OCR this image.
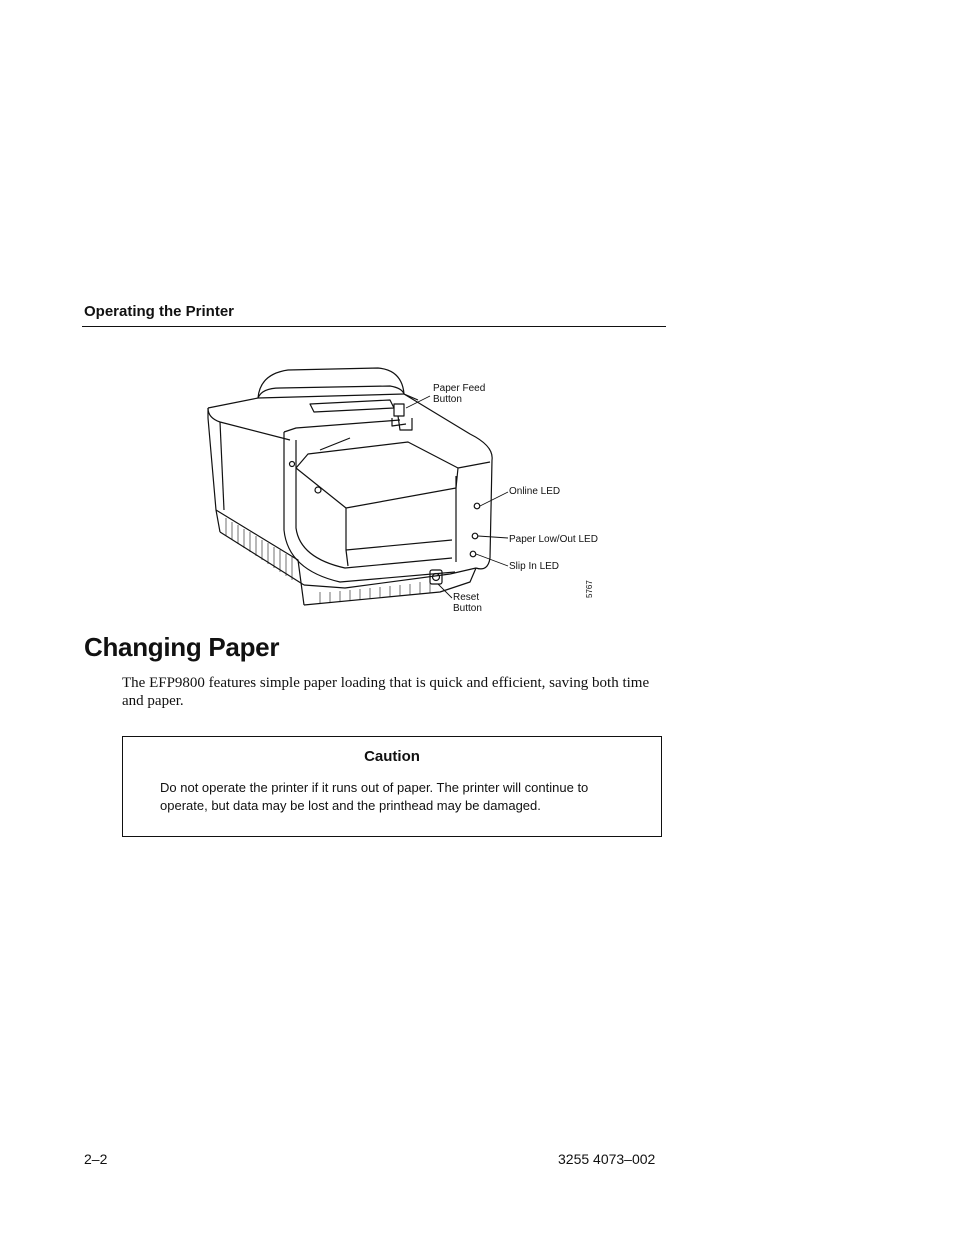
Operating the Printer
Paper Feed
Button
Online LED
Paper Low/Out LED
Slip In LED
Reset
Button
5767
Changing Paper

The EFP9800 features simple paper loading that is quick and efficient, saving both time and paper.

Caution

Do not operate the printer if it runs out of paper. The printer will continue to operate, but data may be lost and the printhead may be damaged.

2–2	3255 4073–002
